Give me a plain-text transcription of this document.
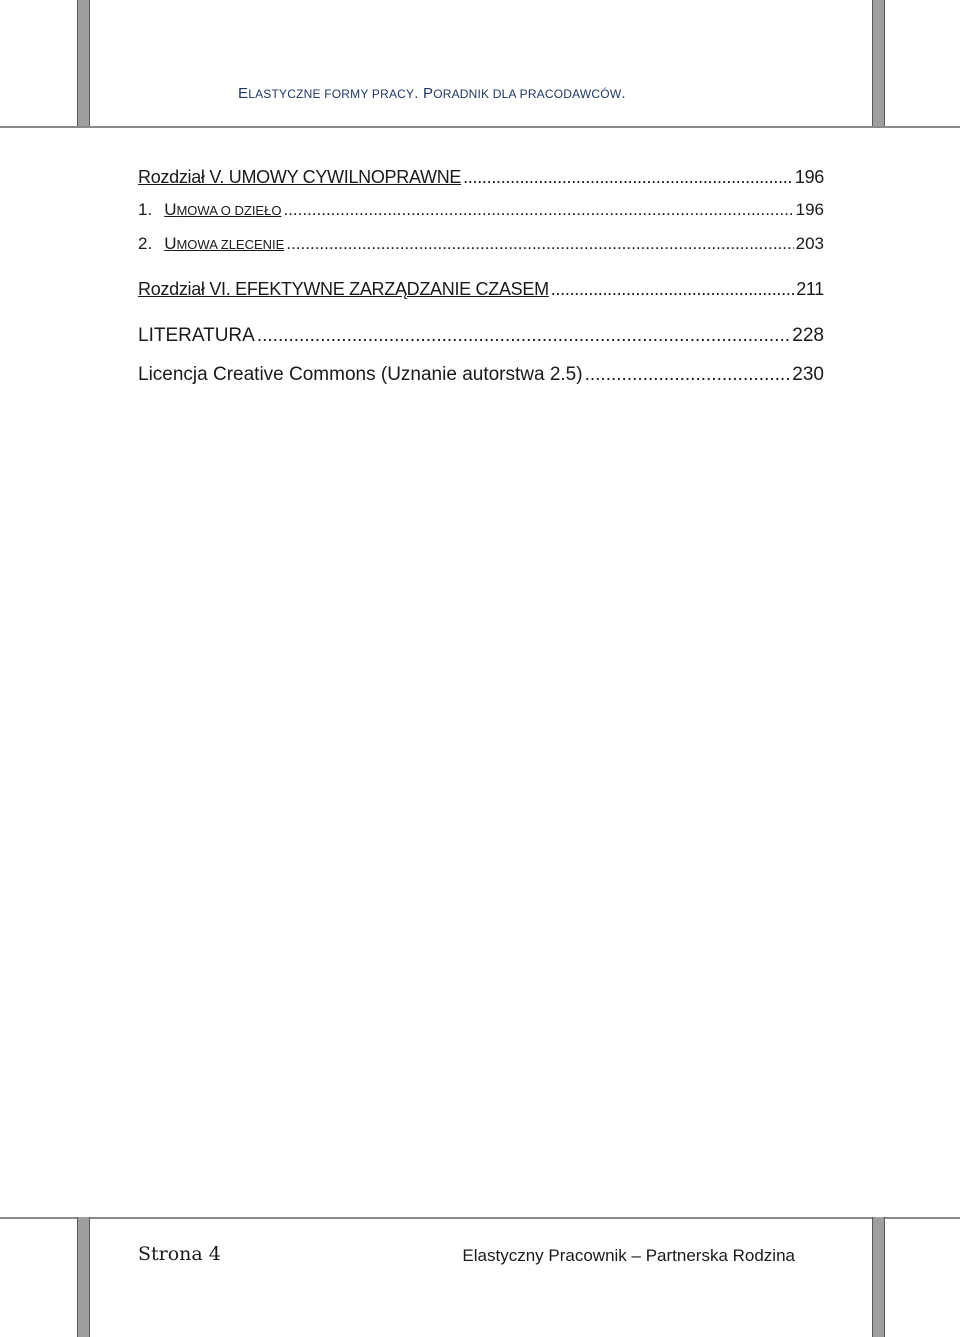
ELASTYCZNE FORMY PRACY. PORADNIK DLA PRACODAWCÓW.
Rozdział V. UMOWY CYWILNOPRAWNE .....	196
1. UMOWA O DZIEŁO .....	196
2. UMOWA ZLECENIE .....	203
Rozdział VI. EFEKTYWNE ZARZĄDZANIE CZASEM .....	211
LITERATURA .....	228
Licencja Creative Commons (Uznanie autorstwa 2.5) .....	230
Strona 4	Elastyczny Pracownik – Partnerska Rodzina
